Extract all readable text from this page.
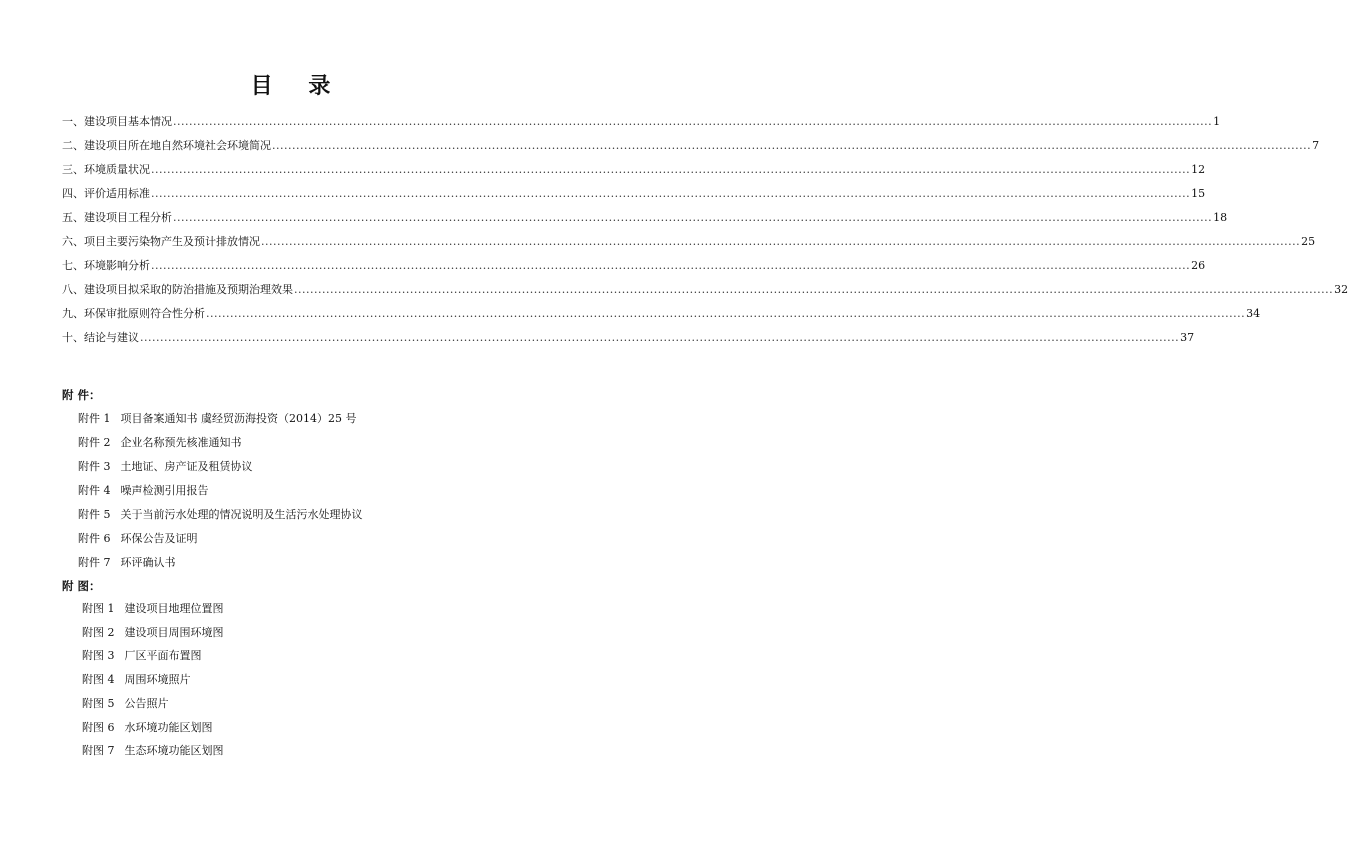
目 录
一、建设项目基本情况 .................................................................................................................................................................................................................................................................... 1
二、建设项目所在地自然环境社会环境简况 .................................................................................................................................................................................................................................................................... 7
三、环境质量状况 .................................................................................................................................................................................................................................................................... 12
四、评价适用标准 .................................................................................................................................................................................................................................................................... 15
五、建设项目工程分析 .................................................................................................................................................................................................................................................................... 18
六、项目主要污染物产生及预计排放情况 .................................................................................................................................................................................................................................................................... 25
七、环境影响分析 .................................................................................................................................................................................................................................................................... 26
八、建设项目拟采取的防治措施及预期治理效果 .................................................................................................................................................................................................................................................................... 32
九、环保审批原则符合性分析 .................................................................................................................................................................................................................................................................... 34
十、结论与建议 .................................................................................................................................................................................................................................................................... 37
附 件：
附件 1 项目备案通知书 虞经贸沥海投资（2014）25 号
附件 2 企业名称预先核准通知书
附件 3 土地证、房产证及租赁协议
附件 4 噪声检测引用报告
附件 5 关于当前污水处理的情况说明及生活污水处理协议
附件 6 环保公告及证明
附件 7 环评确认书
附 图：
附图 1 建设项目地理位置图
附图 2 建设项目周围环境图
附图 3 厂区平面布置图
附图 4 周围环境照片
附图 5 公告照片
附图 6 水环境功能区划图
附图 7 生态环境功能区划图
